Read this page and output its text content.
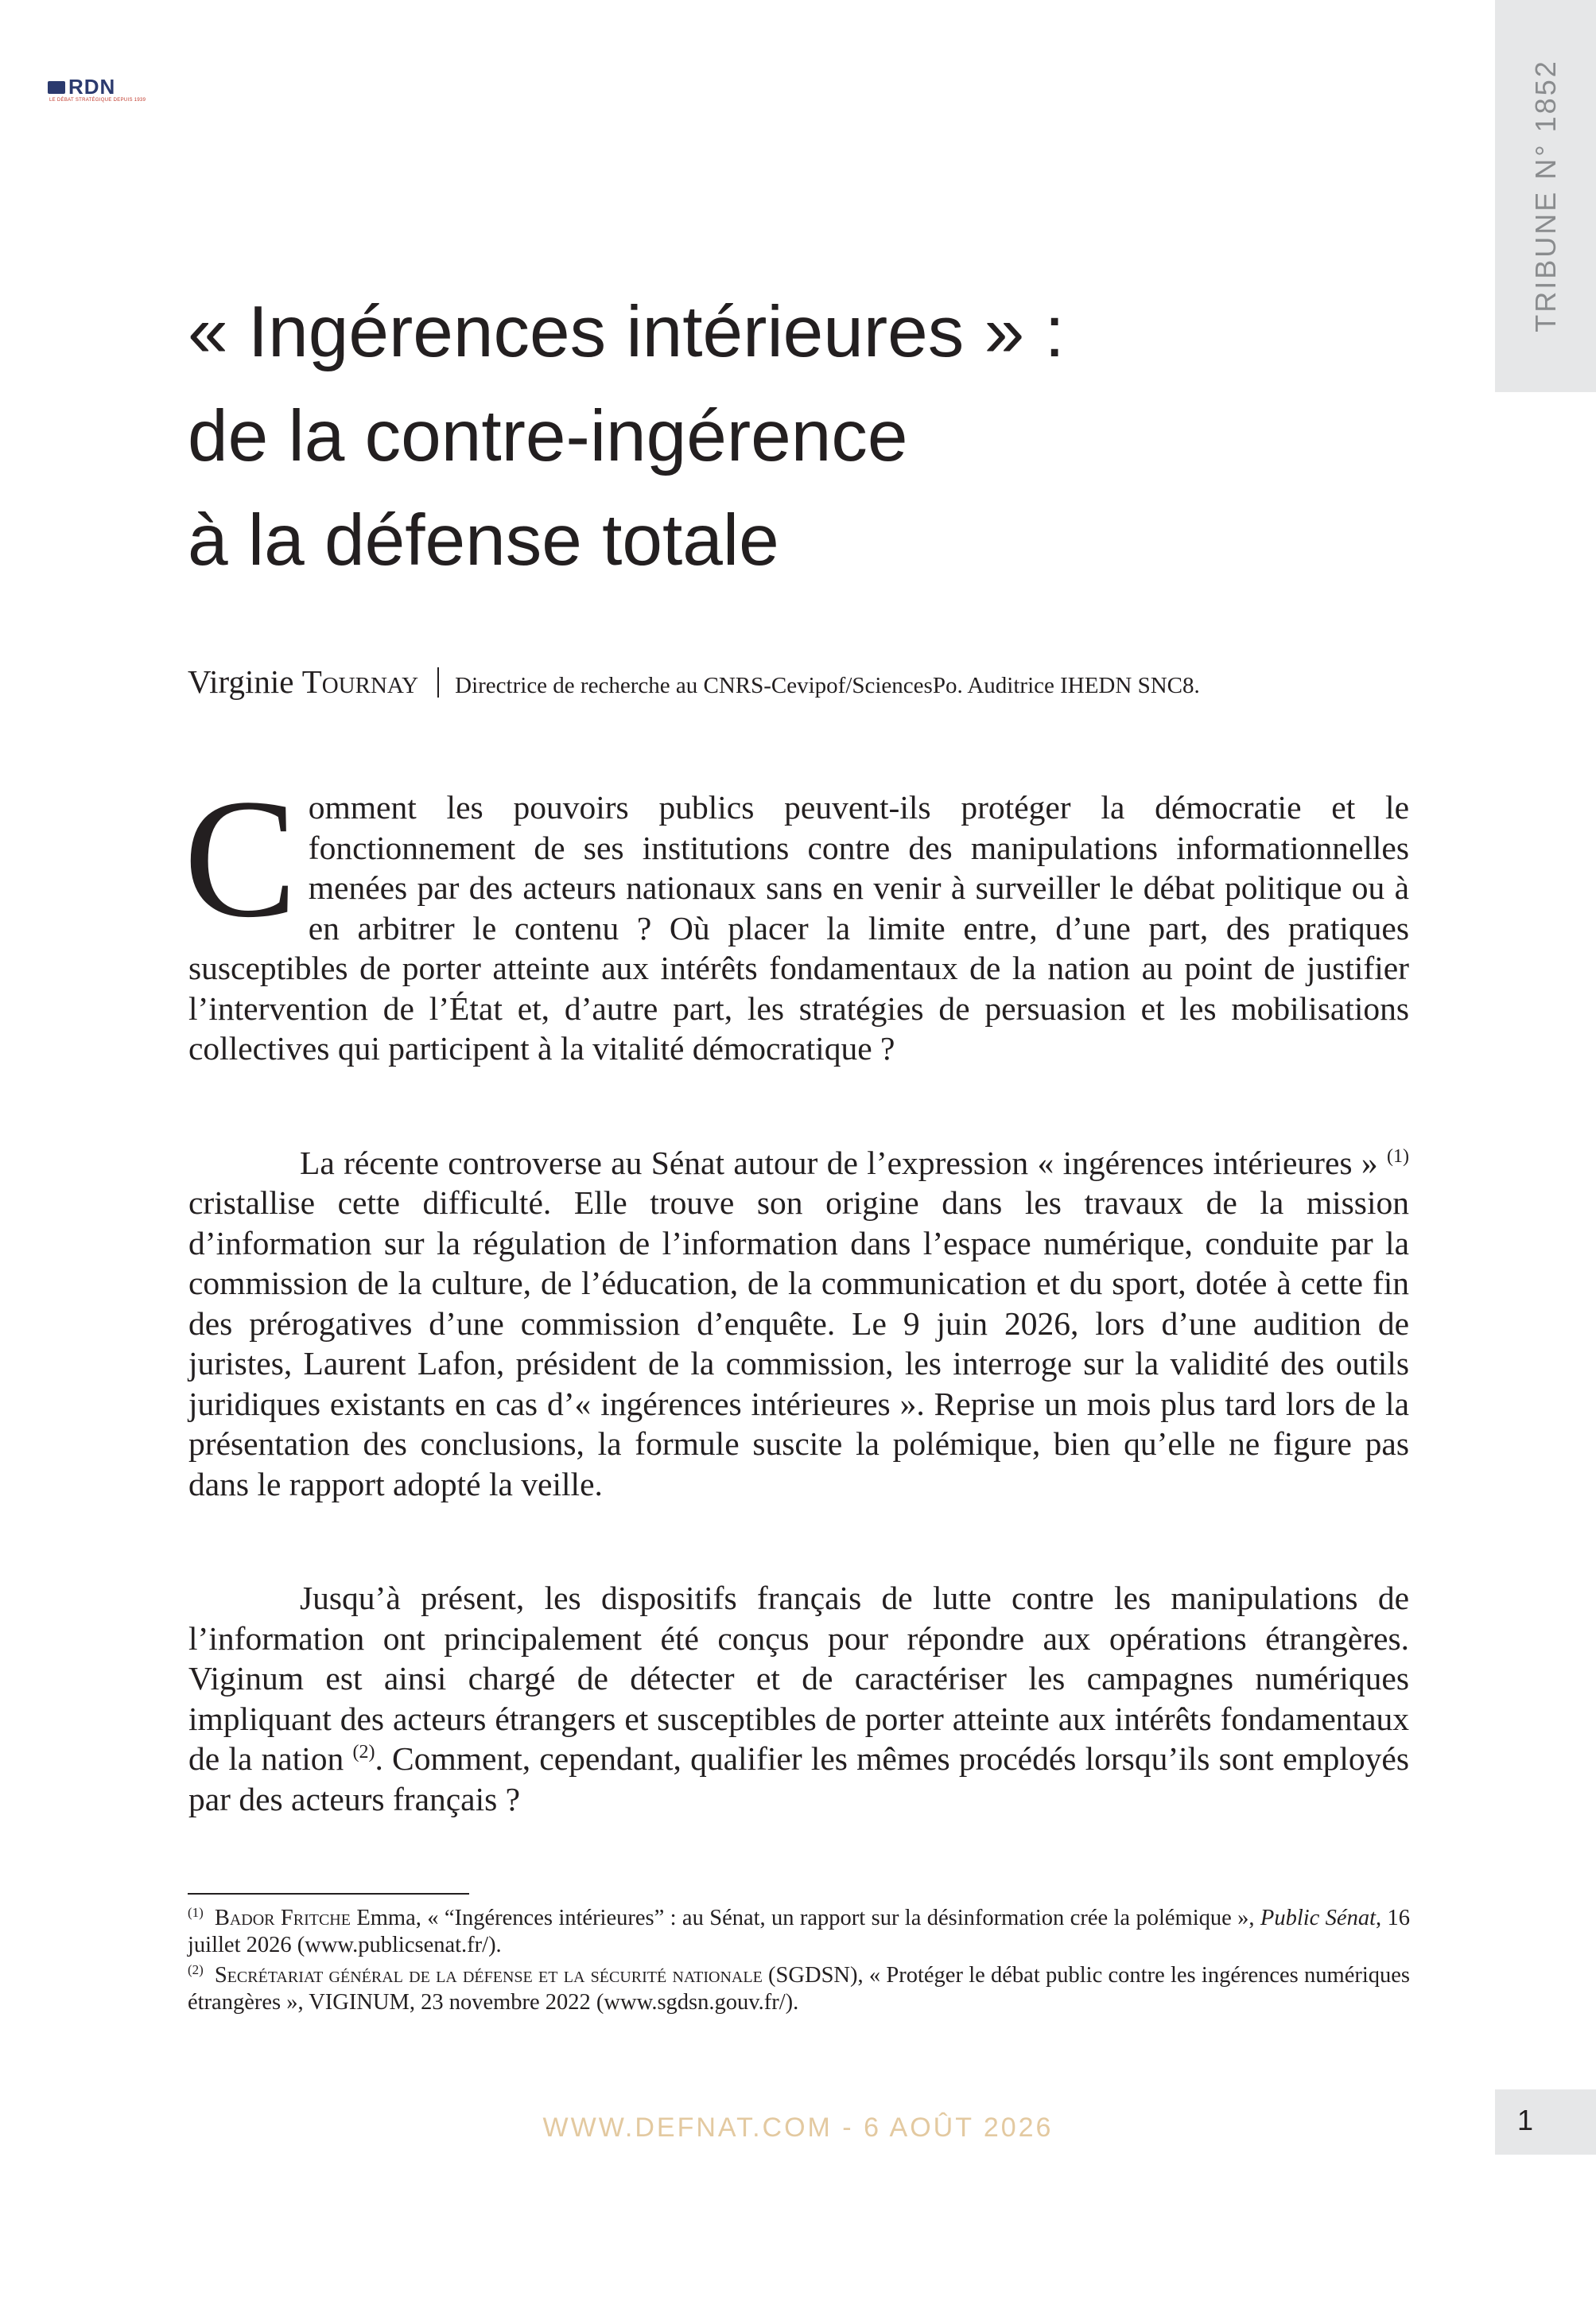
RDN
LE DÉBAT STRATÉGIQUE DEPUIS 1939	TRIBUNE N° 1852
« Ingérences intérieures » :
de la contre-ingérence
à la défense totale
Virginie Tournay Directrice de recherche au CNRS-Cevipof/SciencesPo. Auditrice IHEDN SNC8.

Comment les pouvoirs publics peuvent-ils protéger la démocratie et le fonctionnement de ses institutions contre des manipulations informationnelles menées par des acteurs nationaux sans en venir à surveiller le débat politique ou à en arbitrer le contenu ? Où placer la limite entre, d’une part, des pratiques susceptibles de porter atteinte aux intérêts fondamentaux de la nation au point de justifier l’intervention de l’État et, d’autre part, les stratégies de persuasion et les mobilisations collectives qui participent à la vitalité démocratique ?

La récente controverse au Sénat autour de l’expression « ingérences intérieures » $^{(1)}$ cristallise cette difficulté. Elle trouve son origine dans les travaux de la mission d’information sur la régulation de l’information dans l’espace numérique, conduite par la commission de la culture, de l’éducation, de la communication et du sport, dotée à cette fin des prérogatives d’une commission d’enquête. Le 9 juin 2026, lors d’une audition de juristes, Laurent Lafon, président de la commission, les interroge sur la validité des outils juridiques existants en cas d’« ingérences intérieures ». Reprise un mois plus tard lors de la présentation des conclusions, la formule suscite la polémique, bien qu’elle ne figure pas dans le rapport adopté la veille.

Jusqu’à présent, les dispositifs français de lutte contre les manipulations de l’information ont principalement été conçus pour répondre aux opérations étrangères. Viginum est ainsi chargé de détecter et de caractériser les campagnes numériques impliquant des acteurs étrangers et susceptibles de porter atteinte aux intérêts fondamentaux de la nation $^{(2)}$. Comment, cependant, qualifier les mêmes procédés lorsqu’ils sont employés par des acteurs français ?

$^{(1)}$ Bador Fritche Emma, « “Ingérences intérieures” : au Sénat, un rapport sur la désinformation crée la polémique », Public Sénat, 16 juillet 2026 (www.publicsenat.fr/).

$^{(2)}$ Secrétariat général de la défense et la sécurité nationale (SGDSN), « Protéger le débat public contre les ingérences numériques étrangères », VIGINUM, 23 novembre 2022 (www.sgdsn.gouv.fr/).

WWW.DEFNAT.COM - 6 AOÛT 2026	1
